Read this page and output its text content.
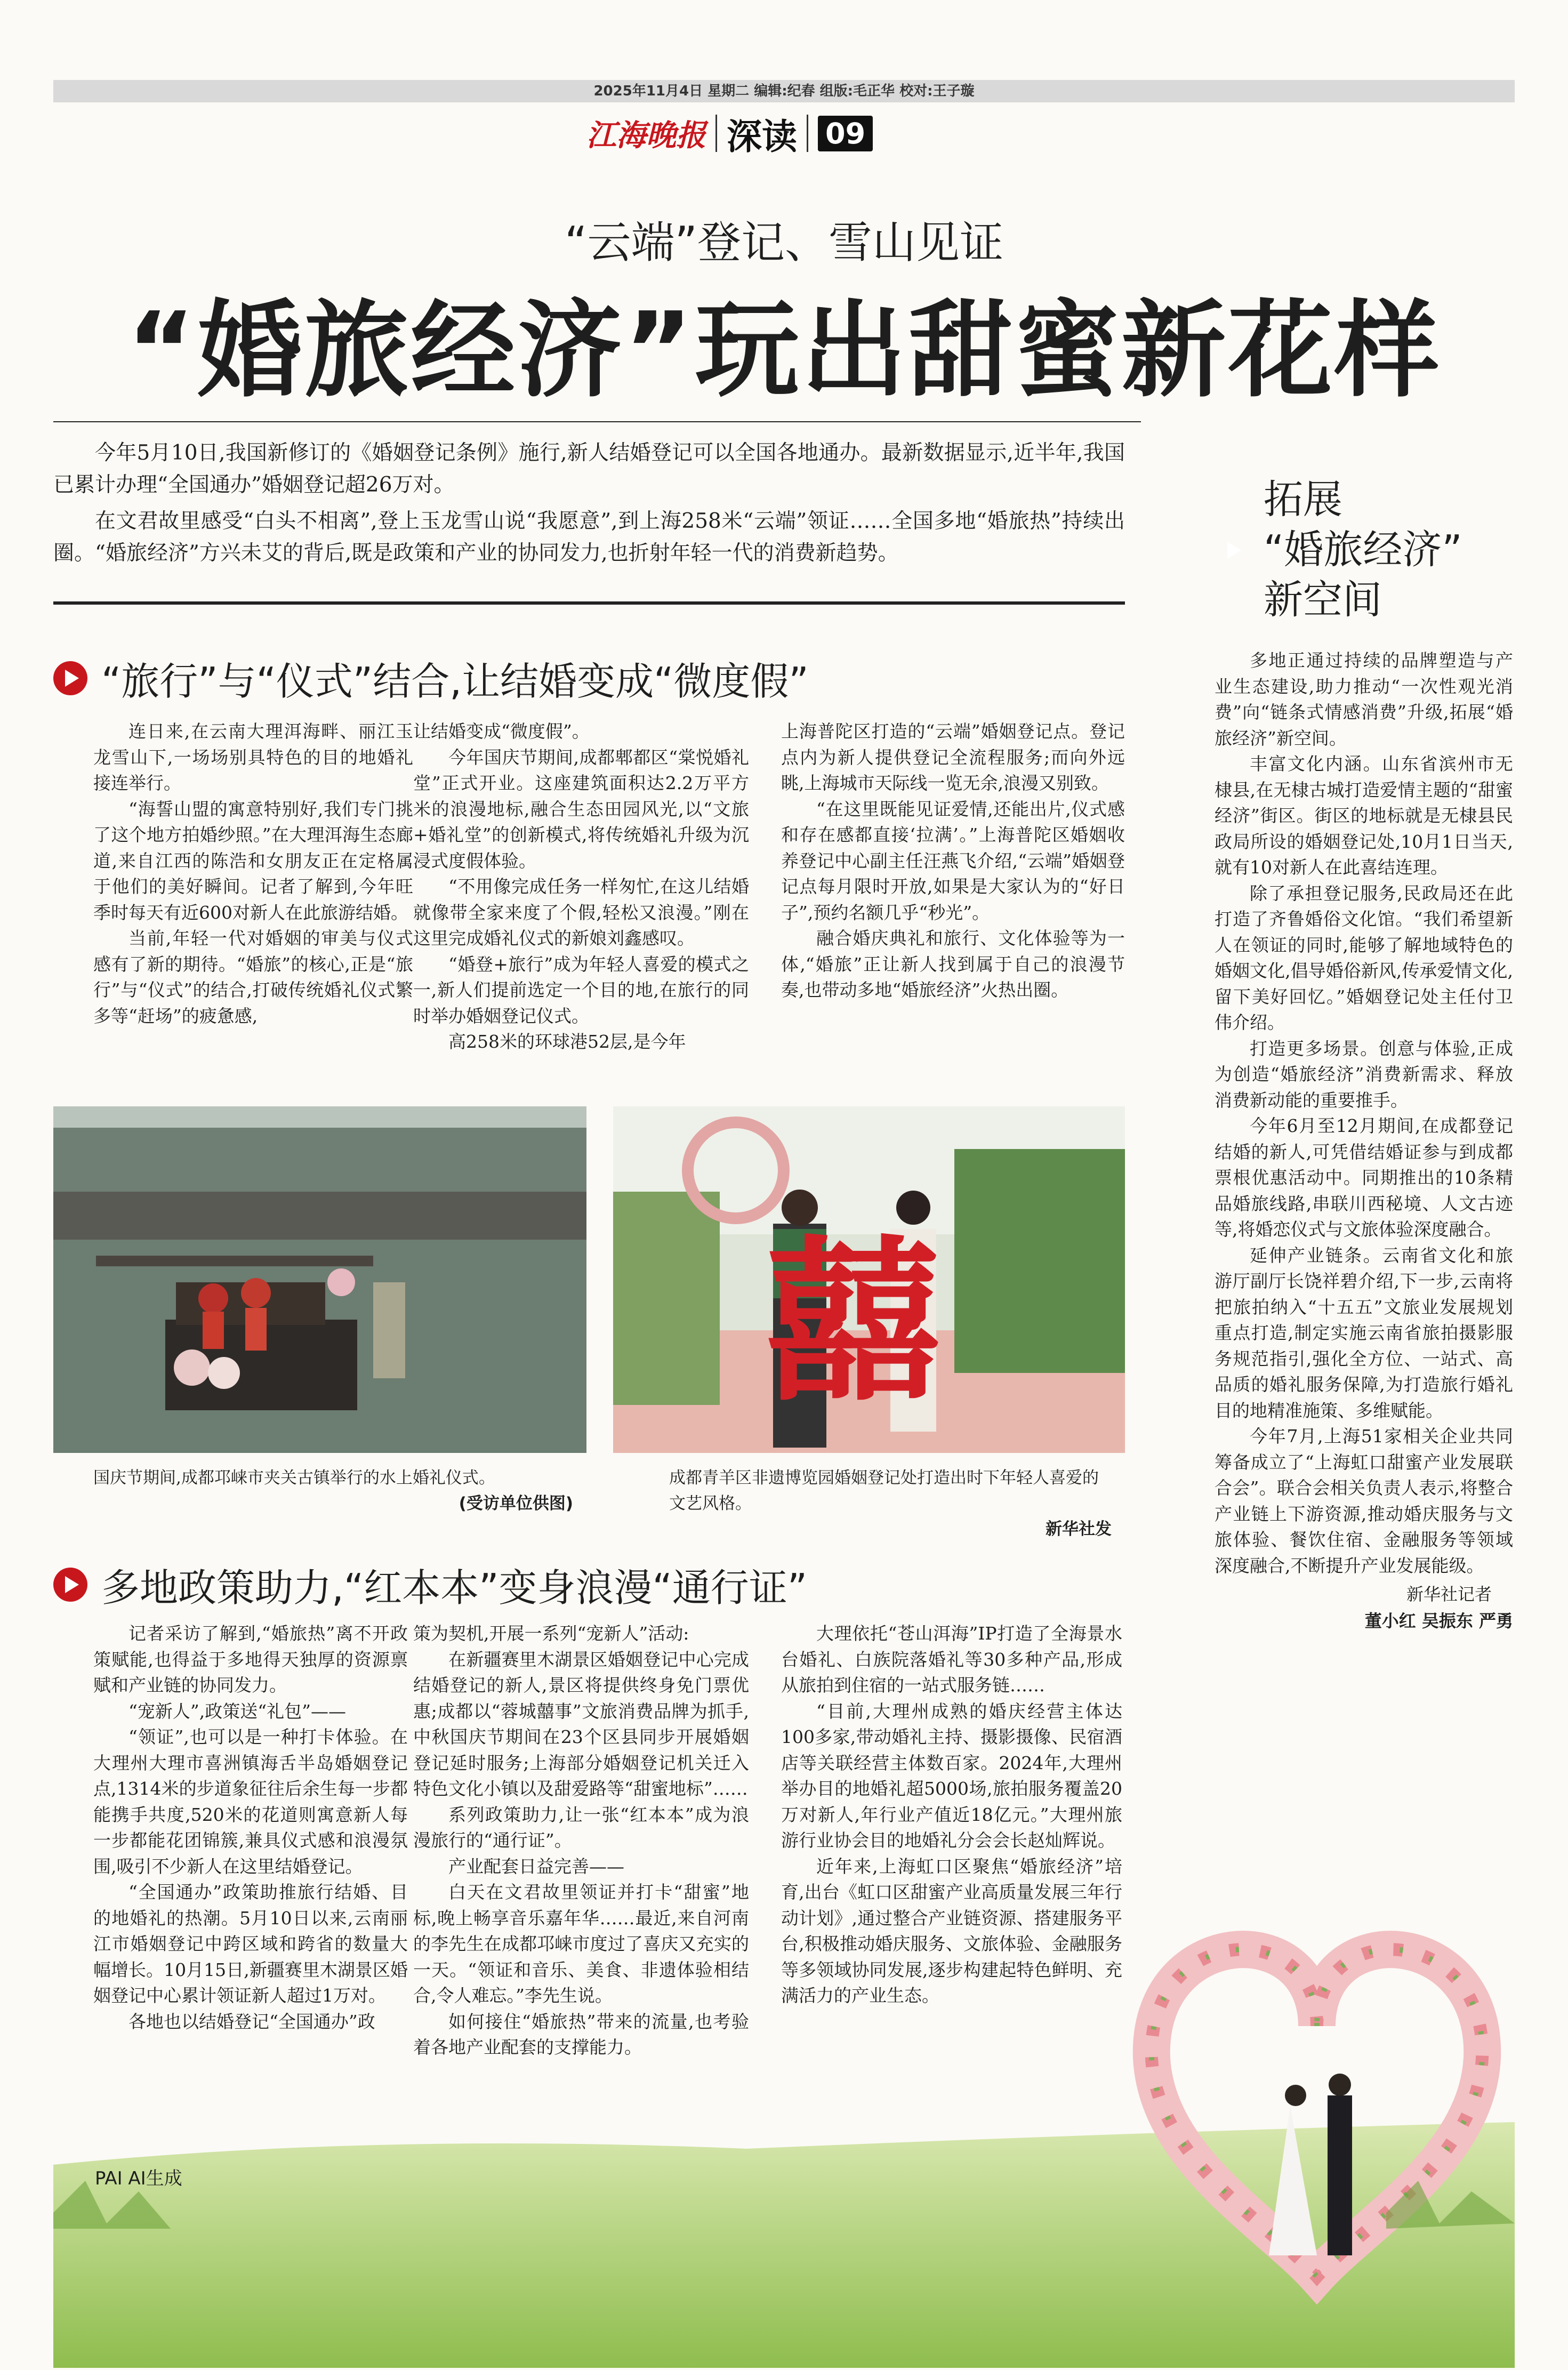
2025年11月4日 星期二 编辑:纪春 组版:毛正华 校对:王子璇
江海晚报 深读 09
“云端”登记、雪山见证
“婚旅经济”玩出甜蜜新花样

今年5月10日,我国新修订的《婚姻登记条例》施行,新人结婚登记可以全国各地通办。最新数据显示,近半年,我国已累计办理“全国通办”婚姻登记超26万对。

在文君故里感受“白头不相离”,登上玉龙雪山说“我愿意”,到上海258米“云端”领证……全国多地“婚旅热”持续出圈。“婚旅经济”方兴未艾的背后,既是政策和产业的协同发力,也折射年轻一代的消费新趋势。

“旅行”与“仪式”结合,让结婚变成“微度假”

连日来,在云南大理洱海畔、丽江玉龙雪山下,一场场别具特色的目的地婚礼接连举行。

“海誓山盟的寓意特别好,我们专门挑了这个地方拍婚纱照。”在大理洱海生态廊道,来自江西的陈浩和女朋友正在定格属于他们的美好瞬间。记者了解到,今年旺季时每天有近600对新人在此旅游结婚。

当前,年轻一代对婚姻的审美与仪式感有了新的期待。“婚旅”的核心,正是“旅行”与“仪式”的结合,打破传统婚礼仪式繁多等“赶场”的疲惫感,

让结婚变成“微度假”。

今年国庆节期间,成都郫都区“棠悦婚礼堂”正式开业。这座建筑面积达2.2万平方米的浪漫地标,融合生态田园风光,以“文旅+婚礼堂”的创新模式,将传统婚礼升级为沉浸式度假体验。

“不用像完成任务一样匆忙,在这儿结婚就像带全家来度了个假,轻松又浪漫。”刚在这里完成婚礼仪式的新娘刘鑫感叹。

“婚登+旅行”成为年轻人喜爱的模式之一,新人们提前选定一个目的地,在旅行的同时举办婚姻登记仪式。

高258米的环球港52层,是今年

上海普陀区打造的“云端”婚姻登记点。登记点内为新人提供登记全流程服务;而向外远眺,上海城市天际线一览无余,浪漫又别致。

“在这里既能见证爱情,还能出片,仪式感和存在感都直接‘拉满’。”上海普陀区婚姻收养登记中心副主任汪燕飞介绍,“云端”婚姻登记点每月限时开放,如果是大家认为的“好日子”,预约名额几乎“秒光”。

融合婚庆典礼和旅行、文化体验等为一体,“婚旅”正让新人找到属于自己的浪漫节奏,也带动多地“婚旅经济”火热出圈。

囍
国庆节期间,成都邛崃市夹关古镇举行的水上婚礼仪式。
(受访单位供图)
成都青羊区非遗博览园婚姻登记处打造出时下年轻人喜爱的文艺风格。
新华社发
多地政策助力,“红本本”变身浪漫“通行证”

记者采访了解到,“婚旅热”离不开政策赋能,也得益于多地得天独厚的资源禀赋和产业链的协同发力。

“宠新人”,政策送“礼包”——

“领证”,也可以是一种打卡体验。在大理州大理市喜洲镇海舌半岛婚姻登记点,1314米的步道象征往后余生每一步都能携手共度,520米的花道则寓意新人每一步都能花团锦簇,兼具仪式感和浪漫氛围,吸引不少新人在这里结婚登记。

“全国通办”政策助推旅行结婚、目的地婚礼的热潮。5月10日以来,云南丽江市婚姻登记中跨区域和跨省的数量大幅增长。10月15日,新疆赛里木湖景区婚姻登记中心累计领证新人超过1万对。

各地也以结婚登记“全国通办”政

策为契机,开展一系列“宠新人”活动:

在新疆赛里木湖景区婚姻登记中心完成结婚登记的新人,景区将提供终身免门票优惠;成都以“蓉城囍事”文旅消费品牌为抓手,中秋国庆节期间在23个区县同步开展婚姻登记延时服务;上海部分婚姻登记机关迁入特色文化小镇以及甜爱路等“甜蜜地标”……

系列政策助力,让一张“红本本”成为浪漫旅行的“通行证”。

产业配套日益完善——

白天在文君故里领证并打卡“甜蜜”地标,晚上畅享音乐嘉年华……最近,来自河南的李先生在成都邛崃市度过了喜庆又充实的一天。“领证和音乐、美食、非遗体验相结合,令人难忘。”李先生说。

如何接住“婚旅热”带来的流量,也考验着各地产业配套的支撑能力。

大理依托“苍山洱海”IP打造了全海景水台婚礼、白族院落婚礼等30多种产品,形成从旅拍到住宿的一站式服务链……

“目前,大理州成熟的婚庆经营主体达100多家,带动婚礼主持、摄影摄像、民宿酒店等关联经营主体数百家。2024年,大理州举办目的地婚礼超5000场,旅拍服务覆盖20万对新人,年行业产值近18亿元。”大理州旅游行业协会目的地婚礼分会会长赵灿辉说。

近年来,上海虹口区聚焦“婚旅经济”培育,出台《虹口区甜蜜产业高质量发展三年行动计划》,通过整合产业链资源、搭建服务平台,积极推动婚庆服务、文旅体验、金融服务等多领域协同发展,逐步构建起特色鲜明、充满活力的产业生态。

拓展
“婚旅经济”
新空间

多地正通过持续的品牌塑造与产业生态建设,助力推动“一次性观光消费”向“链条式情感消费”升级,拓展“婚旅经济”新空间。

丰富文化内涵。山东省滨州市无棣县,在无棣古城打造爱情主题的“甜蜜经济”街区。街区的地标就是无棣县民政局所设的婚姻登记处,10月1日当天,就有10对新人在此喜结连理。

除了承担登记服务,民政局还在此打造了齐鲁婚俗文化馆。“我们希望新人在领证的同时,能够了解地域特色的婚姻文化,倡导婚俗新风,传承爱情文化,留下美好回忆。”婚姻登记处主任付卫伟介绍。

打造更多场景。创意与体验,正成为创造“婚旅经济”消费新需求、释放消费新动能的重要推手。

今年6月至12月期间,在成都登记结婚的新人,可凭借结婚证参与到成都票根优惠活动中。同期推出的10条精品婚旅线路,串联川西秘境、人文古迹等,将婚恋仪式与文旅体验深度融合。

延伸产业链条。云南省文化和旅游厅副厅长饶祥碧介绍,下一步,云南将把旅拍纳入“十五五”文旅业发展规划重点打造,制定实施云南省旅拍摄影服务规范指引,强化全方位、一站式、高品质的婚礼服务保障,为打造旅行婚礼目的地精准施策、多维赋能。

今年7月,上海51家相关企业共同筹备成立了“上海虹口甜蜜产业发展联合会”。联合会相关负责人表示,将整合产业链上下游资源,推动婚庆服务与文旅体验、餐饮住宿、金融服务等领域深度融合,不断提升产业发展能级。

新华社记者
董小红 吴振东 严勇
PAI AI生成
